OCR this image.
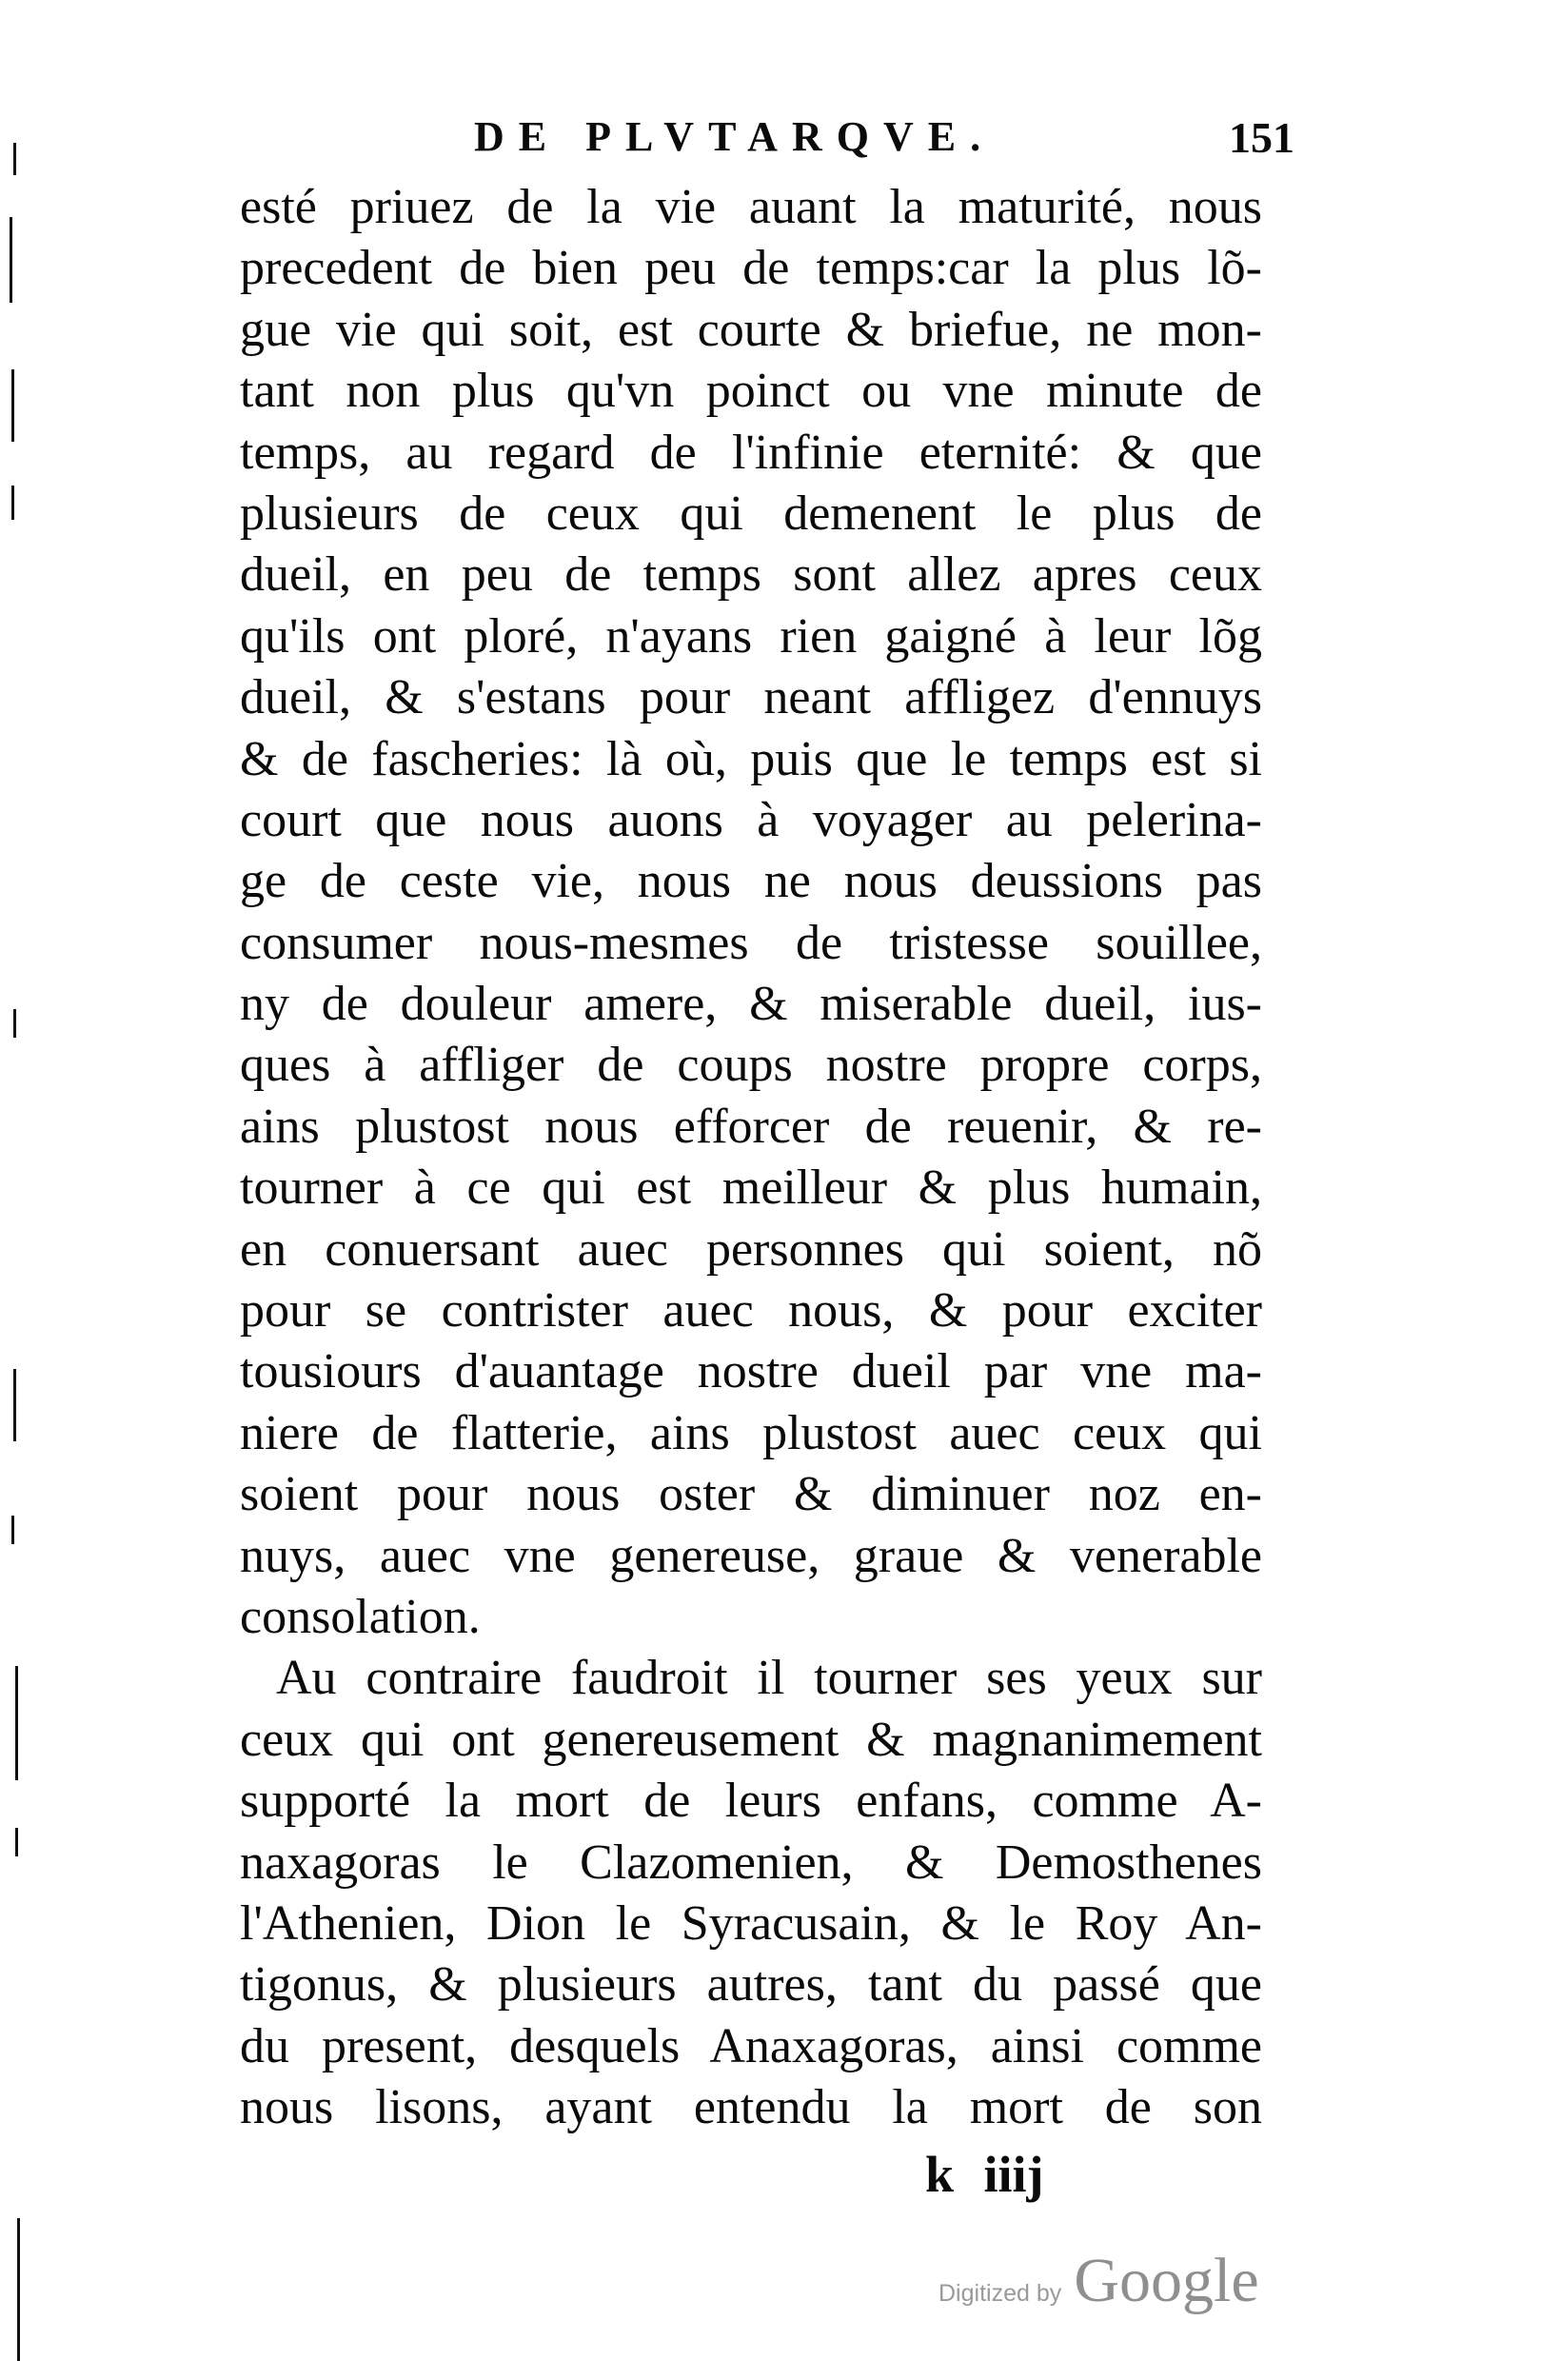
DE PLVTARQVE.	151
esté priuez de la vie auant la maturité, nous
precedent de bien peu de temps:car la plus lõ-
gue vie qui soit, est courte & briefue, ne mon-
tant non plus qu'vn poinct ou vne minute de
temps, au regard de l'infinie eternité: & que
plusieurs de ceux qui demenent le plus de
dueil, en peu de temps sont allez apres ceux
qu'ils ont ploré, n'ayans rien gaigné à leur lõg
dueil, & s'estans pour neant affligez d'ennuys
& de fascheries: là où, puis que le temps est si
court que nous auons à voyager au pelerina-
ge de ceste vie, nous ne nous deussions pas
consumer nous-mesmes de tristesse souillee,
ny de douleur amere, & miserable dueil, ius-
ques à affliger de coups nostre propre corps,
ains plustost nous efforcer de reuenir, & re-
tourner à ce qui est meilleur & plus humain,
en conuersant auec personnes qui soient, nõ
pour se contrister auec nous, & pour exciter
tousiours d'auantage nostre dueil par vne ma-
niere de flatterie, ains plustost auec ceux qui
soient pour nous oster & diminuer noz en-
nuys, auec vne genereuse, graue & venerable
consolation.
Au contraire faudroit il tourner ses yeux sur
ceux qui ont genereusement & magnanimement
supporté la mort de leurs enfans, comme A-
naxagoras le Clazomenien, & Demosthenes
l'Athenien, Dion le Syracusain, & le Roy An-
tigonus, & plusieurs autres, tant du passé que
du present, desquels Anaxagoras, ainsi comme
nous lisons, ayant entendu la mort de son
k iiij
Digitized by Google
